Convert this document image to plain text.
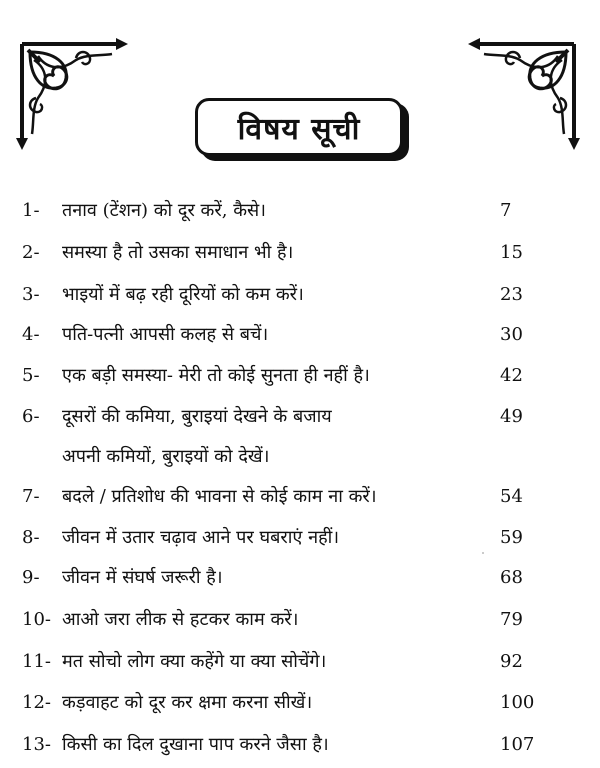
विषय सूची
1-	तनाव (टेंशन) को दूर करें, कैसे।	7
2-	समस्या है तो उसका समाधान भी है।	15
3-	भाइयों में बढ़ रही दूरियों को कम करें।	23
4-	पति-पत्नी आपसी कलह से बचें।	30
5-	एक बड़ी समस्या- मेरी तो कोई सुनता ही नहीं है।	42
6-	दूसरों की कमिया, बुराइयां देखने के बजाय	49
अपनी कमियों, बुराइयों को देखें।
7-	बदले / प्रतिशोध की भावना से कोई काम ना करें।	54
8-	जीवन में उतार चढ़ाव आने पर घबराएं नहीं।	59
9-	जीवन में संघर्ष जरूरी है।	68
10- आओ जरा लीक से हटकर काम करें।	79
11- मत सोचो लोग क्या कहेंगे या क्या सोचेंगे।	92
12- कड़वाहट को दूर कर क्षमा करना सीखें।	100
13- किसी का दिल दुखाना पाप करने जैसा है।	107
